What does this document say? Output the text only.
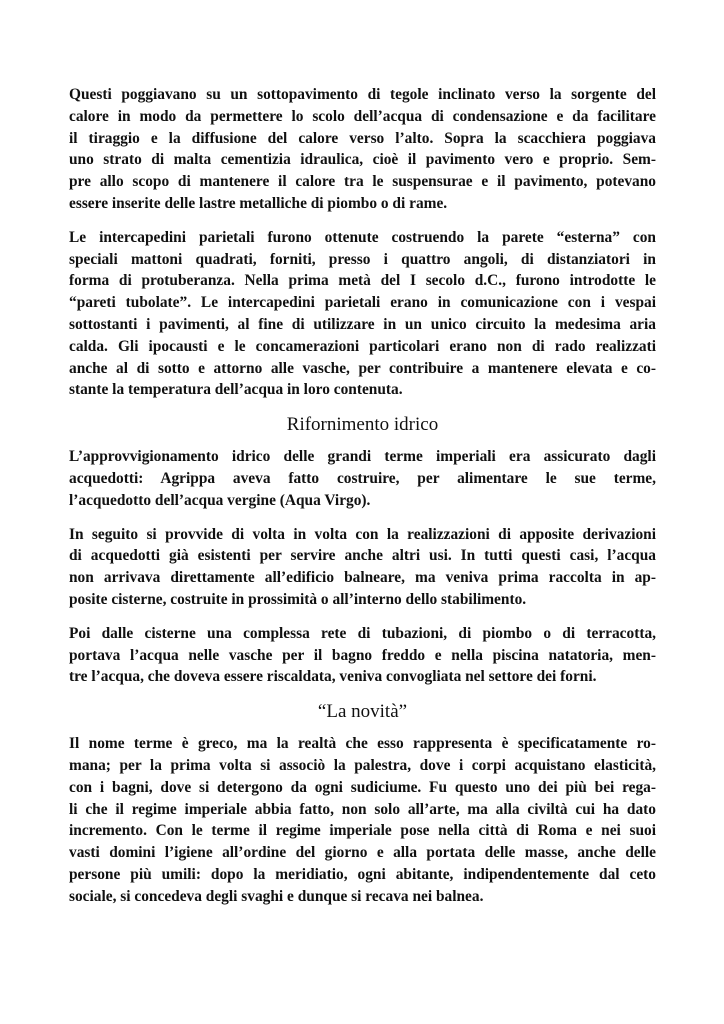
Questi poggiavano su un sottopavimento di tegole inclinato verso la sorgente del
calore in modo da permettere lo scolo dell’acqua di condensazione e da facilitare
il tiraggio e la diffusione del calore verso l’alto. Sopra la scacchiera poggiava
uno strato di malta cementizia idraulica, cioè il pavimento vero e proprio. Sem-
pre allo scopo di mantenere il calore tra le suspensurae e il pavimento, potevano
essere inserite delle lastre metalliche di piombo o di rame.

Le intercapedini parietali furono ottenute costruendo la parete “esterna” con
speciali mattoni quadrati, forniti, presso i quattro angoli, di distanziatori in
forma di protuberanza. Nella prima metà del I secolo d.C., furono introdotte le
“pareti tubolate”. Le intercapedini parietali erano in comunicazione con i vespai
sottostanti i pavimenti, al fine di utilizzare in un unico circuito la medesima aria
calda. Gli ipocausti e le concamerazioni particolari erano non di rado realizzati
anche al di sotto e attorno alle vasche, per contribuire a mantenere elevata e co-
stante la temperatura dell’acqua in loro contenuta.

Rifornimento idrico

L’approvvigionamento idrico delle grandi terme imperiali era assicurato dagli
acquedotti: Agrippa aveva fatto costruire, per alimentare le sue terme,
l’acquedotto dell’acqua vergine (Aqua Virgo).

In seguito si provvide di volta in volta con la realizzazioni di apposite derivazioni
di acquedotti già esistenti per servire anche altri usi. In tutti questi casi, l’acqua
non arrivava direttamente all’edificio balneare, ma veniva prima raccolta in ap-
posite cisterne, costruite in prossimità o all’interno dello stabilimento.

Poi dalle cisterne una complessa rete di tubazioni, di piombo o di terracotta,
portava l’acqua nelle vasche per il bagno freddo e nella piscina natatoria, men-
tre l’acqua, che doveva essere riscaldata, veniva convogliata nel settore dei forni.

“La novità”

Il nome terme è greco, ma la realtà che esso rappresenta è specificatamente ro-
mana; per la prima volta si associò la palestra, dove i corpi acquistano elasticità,
con i bagni, dove si detergono da ogni sudiciume. Fu questo uno dei più bei rega-
li che il regime imperiale abbia fatto, non solo all’arte, ma alla civiltà cui ha dato
incremento. Con le terme il regime imperiale pose nella città di Roma e nei suoi
vasti domini l’igiene all’ordine del giorno e alla portata delle masse, anche delle
persone più umili: dopo la meridiatio, ogni abitante, indipendentemente dal ceto
sociale, si concedeva degli svaghi e dunque si recava nei balnea.
